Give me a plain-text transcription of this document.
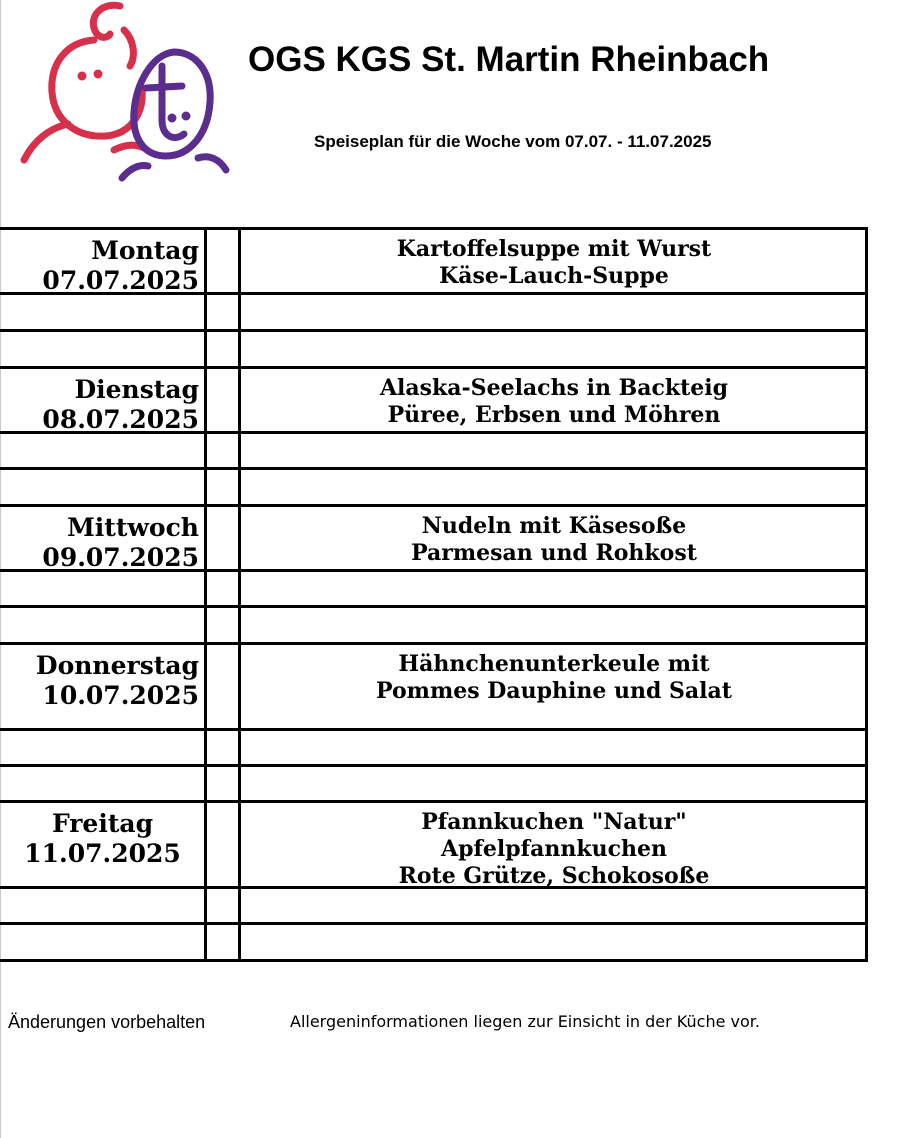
OGS KGS St. Martin Rheinbach
Speiseplan für die Woche vom 07.07. - 11.07.2025
Montag
07.07.2025
Kartoffelsuppe mit Wurst
Käse-Lauch-Suppe
Dienstag
08.07.2025
Alaska-Seelachs in Backteig
Püree, Erbsen und Möhren
Mittwoch
09.07.2025
Nudeln mit Käsesoße
Parmesan und Rohkost
Donnerstag
10.07.2025
Hähnchenunterkeule mit
Pommes Dauphine und Salat
Freitag
11.07.2025
Pfannkuchen "Natur"
Apfelpfannkuchen
Rote Grütze, Schokosoße
Änderungen vorbehalten	Allergeninformationen liegen zur Einsicht in der Küche vor.
